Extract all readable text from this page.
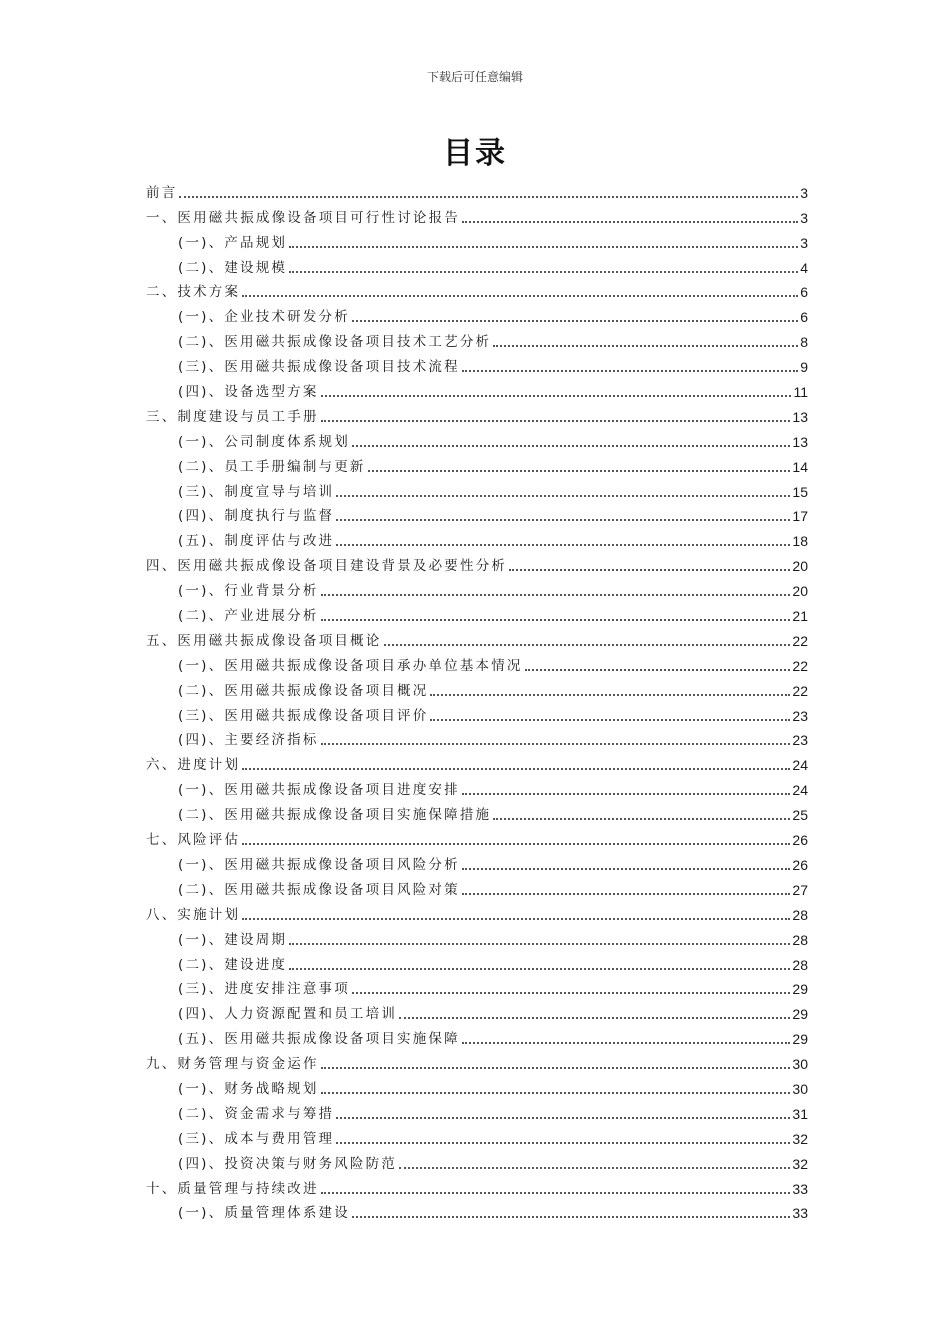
下载后可任意编辑
目录
前言	3
一、医用磁共振成像设备项目可行性讨论报告	3
(一)、产品规划	3
(二)、建设规模	4
二、技术方案	6
(一)、企业技术研发分析	6
(二)、医用磁共振成像设备项目技术工艺分析	8
(三)、医用磁共振成像设备项目技术流程	9
(四)、设备选型方案	11
三、制度建设与员工手册	13
(一)、公司制度体系规划	13
(二)、员工手册编制与更新	14
(三)、制度宣导与培训	15
(四)、制度执行与监督	17
(五)、制度评估与改进	18
四、医用磁共振成像设备项目建设背景及必要性分析	20
(一)、行业背景分析	20
(二)、产业进展分析	21
五、医用磁共振成像设备项目概论	22
(一)、医用磁共振成像设备项目承办单位基本情况	22
(二)、医用磁共振成像设备项目概况	22
(三)、医用磁共振成像设备项目评价	23
(四)、主要经济指标	23
六、进度计划	24
(一)、医用磁共振成像设备项目进度安排	24
(二)、医用磁共振成像设备项目实施保障措施	25
七、风险评估	26
(一)、医用磁共振成像设备项目风险分析	26
(二)、医用磁共振成像设备项目风险对策	27
八、实施计划	28
(一)、建设周期	28
(二)、建设进度	28
(三)、进度安排注意事项	29
(四)、人力资源配置和员工培训	29
(五)、医用磁共振成像设备项目实施保障	29
九、财务管理与资金运作	30
(一)、财务战略规划	30
(二)、资金需求与筹措	31
(三)、成本与费用管理	32
(四)、投资决策与财务风险防范	32
十、质量管理与持续改进	33
(一)、质量管理体系建设	33
